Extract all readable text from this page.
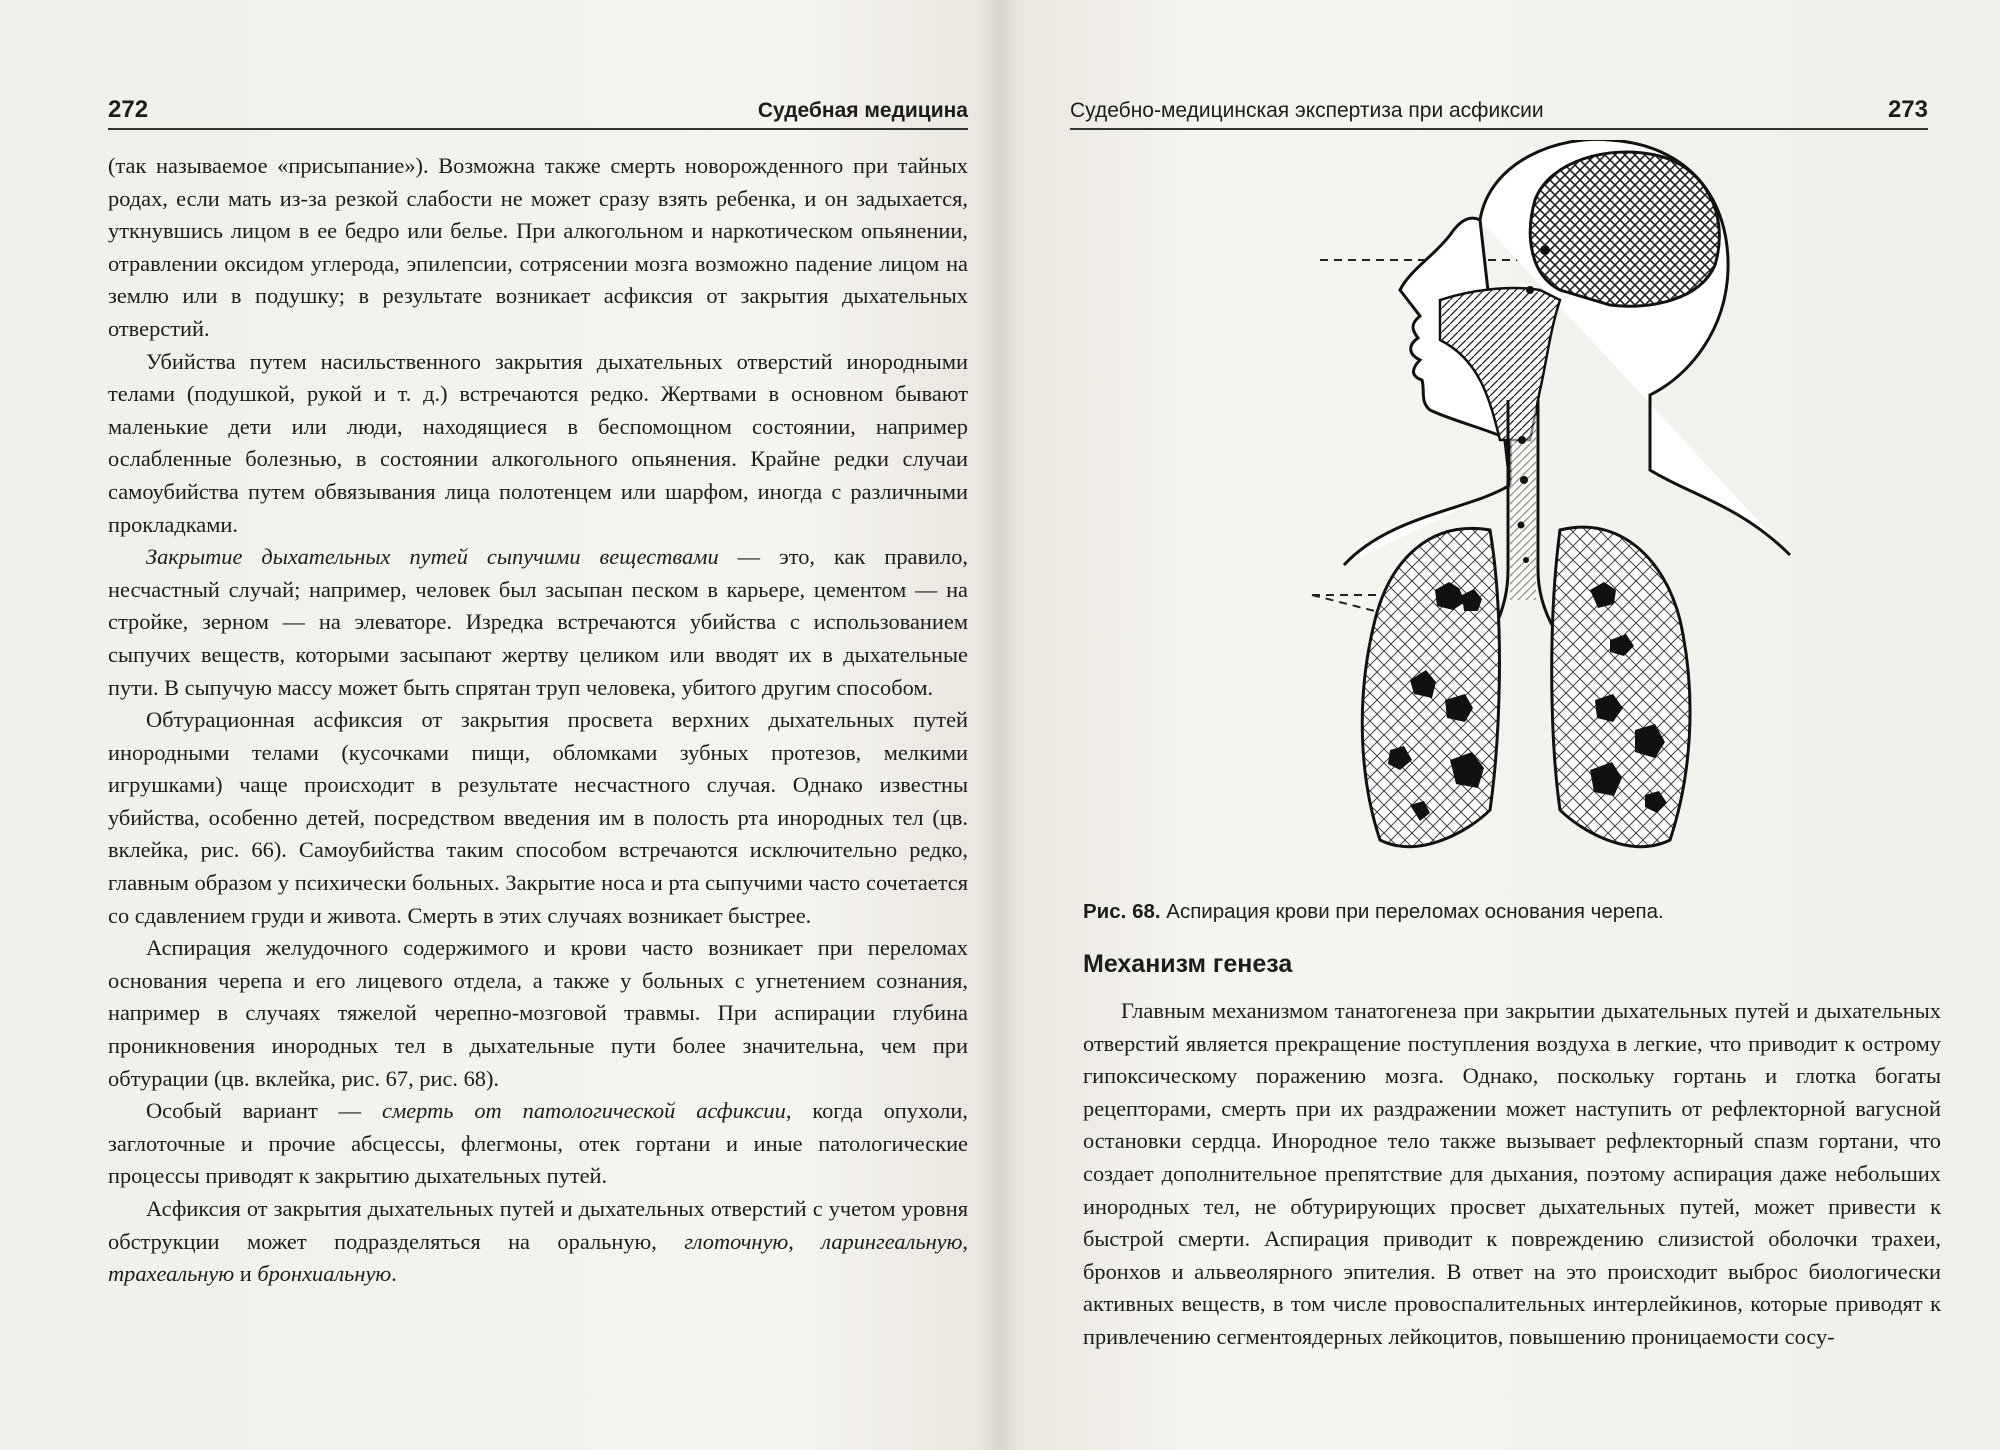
272	Судебная медицина

(так называемое «присыпание»). Возможна также смерть новорожденного при тайных родах, если мать из-за резкой слабости не может сразу взять ребенка, и он задыхается, уткнувшись лицом в ее бедро или белье. При алкогольном и наркотическом опьянении, отравлении оксидом углерода, эпилепсии, сотрясении мозга возможно падение лицом на землю или в подушку; в результате возникает асфиксия от закрытия дыхательных отверстий.

Убийства путем насильственного закрытия дыхательных отверстий инородными телами (подушкой, рукой и т. д.) встречаются редко. Жертвами в основном бывают маленькие дети или люди, находящиеся в беспомощном состоянии, например ослабленные болезнью, в состоянии алкогольного опьянения. Крайне редки случаи самоубийства путем обвязывания лица полотенцем или шарфом, иногда с различными прокладками.

Закрытие дыхательных путей сыпучими веществами — это, как правило, несчастный случай; например, человек был засыпан песком в карьере, цементом — на стройке, зерном — на элеваторе. Изредка встречаются убийства с использованием сыпучих веществ, которыми засыпают жертву целиком или вводят их в дыхательные пути. В сыпучую массу может быть спрятан труп человека, убитого другим способом.

Обтурационная асфиксия от закрытия просвета верхних дыхательных путей инородными телами (кусочками пищи, обломками зубных протезов, мелкими игрушками) чаще происходит в результате несчастного случая. Однако известны убийства, особенно детей, посредством введения им в полость рта инородных тел (цв. вклейка, рис. 66). Самоубийства таким способом встречаются исключительно редко, главным образом у психически больных. Закрытие носа и рта сыпучими часто сочетается со сдавлением груди и живота. Смерть в этих случаях возникает быстрее.

Аспирация желудочного содержимого и крови часто возникает при переломах основания черепа и его лицевого отдела, а также у больных с угнетением сознания, например в случаях тяжелой черепно-мозговой травмы. При аспирации глубина проникновения инородных тел в дыхательные пути более значительна, чем при обтурации (цв. вклейка, рис. 67, рис. 68).

Особый вариант — смерть от патологической асфиксии, когда опухоли, заглоточные и прочие абсцессы, флегмоны, отек гортани и иные патологические процессы приводят к закрытию дыхательных путей.

Асфиксия от закрытия дыхательных путей и дыхательных отверстий с учетом уровня обструкции может подразделяться на оральную, глоточную, ларингеальную, трахеальную и бронхиальную.

Судебно-медицинская экспертиза при асфиксии	273
Рис. 68. Аспирация крови при переломах основания черепа.
Механизм генеза

Главным механизмом танатогенеза при закрытии дыхательных путей и дыхательных отверстий является прекращение поступления воздуха в легкие, что приводит к острому гипоксическому поражению мозга. Однако, поскольку гортань и глотка богаты рецепторами, смерть при их раздражении может наступить от рефлекторной вагусной остановки сердца. Инородное тело также вызывает рефлекторный спазм гортани, что создает дополнительное препятствие для дыхания, поэтому аспирация даже небольших инородных тел, не обтурирующих просвет дыхательных путей, может привести к быстрой смерти. Аспирация приводит к повреждению слизистой оболочки трахеи, бронхов и альвеолярного эпителия. В ответ на это происходит выброс биологически активных веществ, в том числе провоспалительных интерлейкинов, которые приводят к привлечению сегментоядерных лейкоцитов, повышению проницаемости сосу-
